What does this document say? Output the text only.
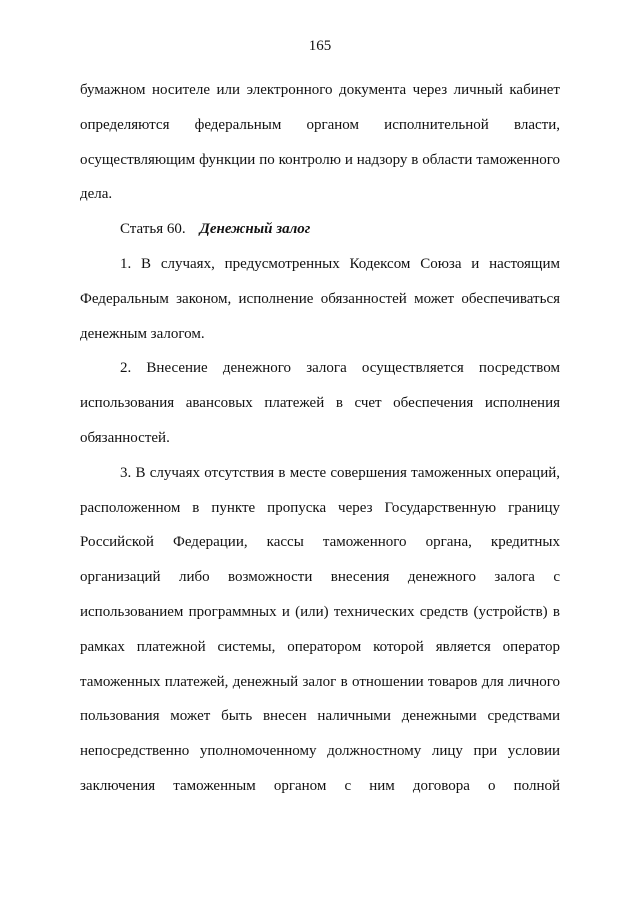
165

бумажном носителе или электронного документа через личный кабинет определяются федеральным органом исполнительной власти, осуществляющим функции по контролю и надзору в области таможенного дела.

Статья 60. Денежный залог

1. В случаях, предусмотренных Кодексом Союза и настоящим Федеральным законом, исполнение обязанностей может обеспечиваться денежным залогом.

2. Внесение денежного залога осуществляется посредством использования авансовых платежей в счет обеспечения исполнения обязанностей.

3. В случаях отсутствия в месте совершения таможенных операций, расположенном в пункте пропуска через Государственную границу Российской Федерации, кассы таможенного органа, кредитных организаций либо возможности внесения денежного залога с использованием программных и (или) технических средств (устройств) в рамках платежной системы, оператором которой является оператор таможенных платежей, денежный залог в отношении товаров для личного пользования может быть внесен наличными денежными средствами непосредственно уполномоченному должностному лицу при условии заключения таможенным органом с ним договора о полной
